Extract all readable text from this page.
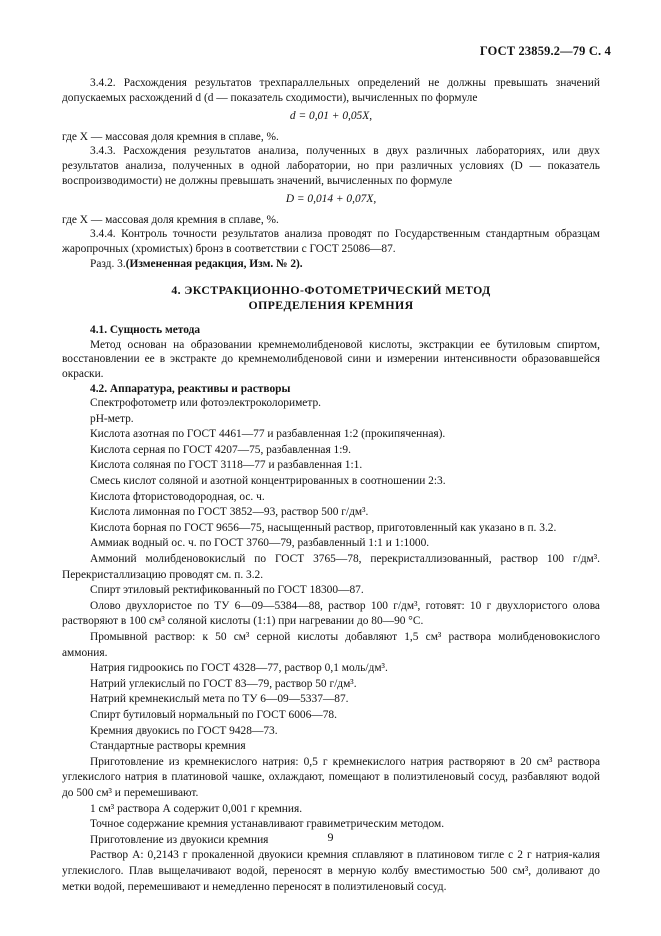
ГОСТ 23859.2—79 С. 4

3.4.2. Расхождения результатов трехпараллельных определений не должны превышать значений допускаемых расхождений d (d — показатель сходимости), вычисленных по формуле

d = 0,01 + 0,05X,

где X — массовая доля кремния в сплаве, %.

3.4.3. Расхождения результатов анализа, полученных в двух различных лабораториях, или двух результатов анализа, полученных в одной лаборатории, но при различных условиях (D — показатель воспроизводимости) не должны превышать значений, вычисленных по формуле

D = 0,014 + 0,07X,

где X — массовая доля кремния в сплаве, %.

3.4.4. Контроль точности результатов анализа проводят по Государственным стандартным образцам жаропрочных (хромистых) бронз в соответствии с ГОСТ 25086—87.

Разд. 3.(Измененная редакция, Изм. № 2).

4. ЭКСТРАКЦИОННО-ФОТОМЕТРИЧЕСКИЙ МЕТОД
ОПРЕДЕЛЕНИЯ КРЕМНИЯ

4.1. Сущность метода

Метод основан на образовании кремнемолибденовой кислоты, экстракции ее бутиловым спиртом, восстановлении ее в экстракте до кремнемолибденовой сини и измерении интенсивности образовавшейся окраски.

4.2. Аппаратура, реактивы и растворы

Спектрофотометр или фотоэлектроколориметр.

pH-метр.

Кислота азотная по ГОСТ 4461—77 и разбавленная 1:2 (прокипяченная).

Кислота серная по ГОСТ 4207—75, разбавленная 1:9.

Кислота соляная по ГОСТ 3118—77 и разбавленная 1:1.

Смесь кислот соляной и азотной концентрированных в соотношении 2:3.

Кислота фтористоводородная, ос. ч.

Кислота лимонная по ГОСТ 3852—93, раствор 500 г/дм³.

Кислота борная по ГОСТ 9656—75, насыщенный раствор, приготовленный как указано в п. 3.2.

Аммиак водный ос. ч. по ГОСТ 3760—79, разбавленный 1:1 и 1:1000.

Аммоний молибденовокислый по ГОСТ 3765—78, перекристаллизованный, раствор 100 г/дм³. Перекристаллизацию проводят см. п. 3.2.

Спирт этиловый ректификованный по ГОСТ 18300—87.

Олово двухлористое по ТУ 6—09—5384—88, раствор 100 г/дм³, готовят: 10 г двухлористого олова растворяют в 100 см³ соляной кислоты (1:1) при нагревании до 80—90 °С.

Промывной раствор: к 50 см³ серной кислоты добавляют 1,5 см³ раствора молибденовокислого аммония.

Натрия гидроокись по ГОСТ 4328—77, раствор 0,1 моль/дм³.

Натрий углекислый по ГОСТ 83—79, раствор 50 г/дм³.

Натрий кремнекислый мета по ТУ 6—09—5337—87.

Спирт бутиловый нормальный по ГОСТ 6006—78.

Кремния двуокись по ГОСТ 9428—73.

Стандартные растворы кремния

Приготовление из кремнекислого натрия: 0,5 г кремнекислого натрия растворяют в 20 см³ раствора углекислого натрия в платиновой чашке, охлаждают, помещают в полиэтиленовый сосуд, разбавляют водой до 500 см³ и перемешивают.

1 см³ раствора А содержит 0,001 г кремния.

Точное содержание кремния устанавливают гравиметрическим методом.

Приготовление из двуокиси кремния

Раствор А: 0,2143 г прокаленной двуокиси кремния сплавляют в платиновом тигле с 2 г натрия-калия углекислого. Плав выщелачивают водой, переносят в мерную колбу вместимостью 500 см³, доливают до метки водой, перемешивают и немедленно переносят в полиэтиленовый сосуд.

9
